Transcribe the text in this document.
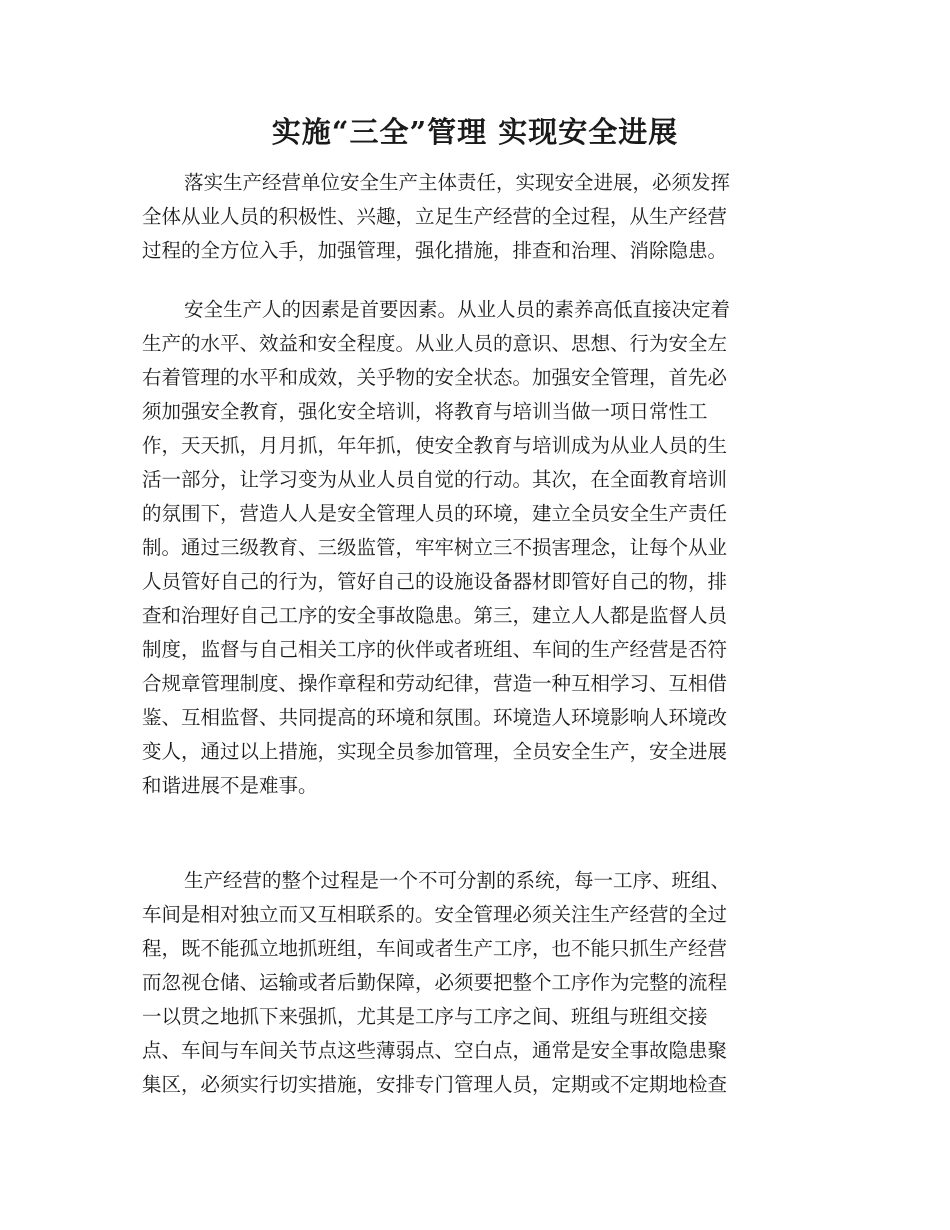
实施“三全”管理 实现安全进展
落实生产经营单位安全生产主体责任，实现安全进展，必须发挥
全体从业人员的积极性、兴趣，立足生产经营的全过程，从生产经营
过程的全方位入手，加强管理，强化措施，排查和治理、消除隐患。
安全生产人的因素是首要因素。从业人员的素养高低直接决定着
生产的水平、效益和安全程度。从业人员的意识、思想、行为安全左
右着管理的水平和成效，关乎物的安全状态。加强安全管理，首先必
须加强安全教育，强化安全培训，将教育与培训当做一项日常性工
作，天天抓，月月抓，年年抓，使安全教育与培训成为从业人员的生
活一部分，让学习变为从业人员自觉的行动。其次，在全面教育培训
的氛围下，营造人人是安全管理人员的环境，建立全员安全生产责任
制。通过三级教育、三级监管，牢牢树立三不损害理念，让每个从业
人员管好自己的行为，管好自己的设施设备器材即管好自己的物，排
查和治理好自己工序的安全事故隐患。第三，建立人人都是监督人员
制度，监督与自己相关工序的伙伴或者班组、车间的生产经营是否符
合规章管理制度、操作章程和劳动纪律，营造一种互相学习、互相借
鉴、互相监督、共同提高的环境和氛围。环境造人环境影响人环境改
变人，通过以上措施，实现全员参加管理，全员安全生产，安全进展
和谐进展不是难事。
生产经营的整个过程是一个不可分割的系统，每一工序、班组、
车间是相对独立而又互相联系的。安全管理必须关注生产经营的全过
程，既不能孤立地抓班组，车间或者生产工序，也不能只抓生产经营
而忽视仓储、运输或者后勤保障，必须要把整个工序作为完整的流程
一以贯之地抓下来强抓，尤其是工序与工序之间、班组与班组交接
点、车间与车间关节点这些薄弱点、空白点，通常是安全事故隐患聚
集区，必须实行切实措施，安排专门管理人员，定期或不定期地检查
